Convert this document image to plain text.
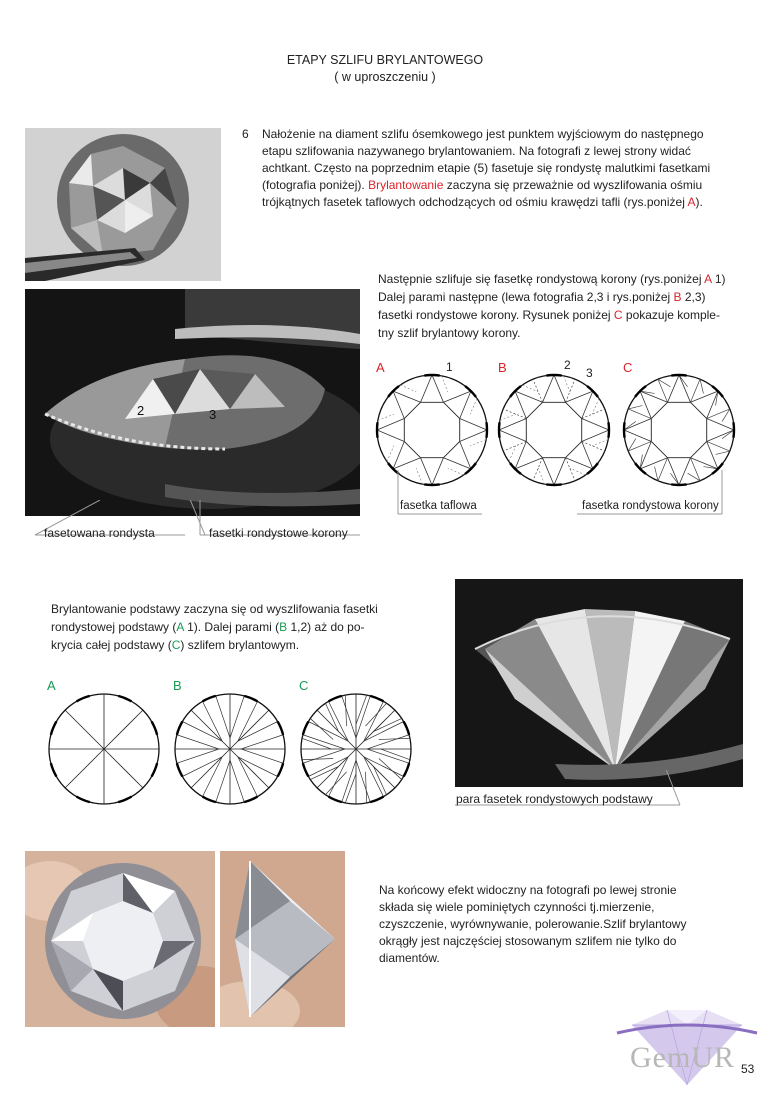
ETAPY SZLIFU BRYLANTOWEGO
( w uproszczeniu )
6 Nałożenie na diament szlifu ósemkowego jest punktem wyjściowym do następnego
etapu szlifowania nazywanego brylantowaniem. Na fotografi z lewej strony widać
achtkant. Często na poprzednim etapie (5) fasetuje się rondystę malutkimi fasetkami
(fotografia poniżej). Brylantowanie zaczyna się przeważnie od wyszlifowania ośmiu
trójkątnych fasetek taflowych odchodzących od ośmiu krawędzi tafli (rys.poniżej A).
2	3
fasetowana rondysta	fasetki rondystowe korony
Następnie szlifuje się fasetkę rondystową korony (rys.poniżej A 1)
Dalej parami następne (lewa fotografia 2,3 i rys.poniżej B 2,3)
fasetki rondystowe korony. Rysunek poniżej C pokazuje komple-
tny szlif brylantowy korony.
A	B	C
1	2
3
fasetka taflowa	fasetka rondystowa korony
Brylantowanie podstawy zaczyna się od wyszlifowania fasetki
rondystowej podstawy (A 1). Dalej parami (B 1,2) aż do po-
krycia całej podstawy (C) szlifem brylantowym.
A	B	C
para fasetek rondystowych podstawy
Na końcowy efekt widoczny na fotografi po lewej stronie
składa się wiele pominiętych czynności tj.mierzenie,
czyszczenie, wyrównywanie, polerowanie.Szlif brylantowy
okrągły jest najczęściej stosowanym szlifem nie tylko do
diamentów.
GemUR 53
